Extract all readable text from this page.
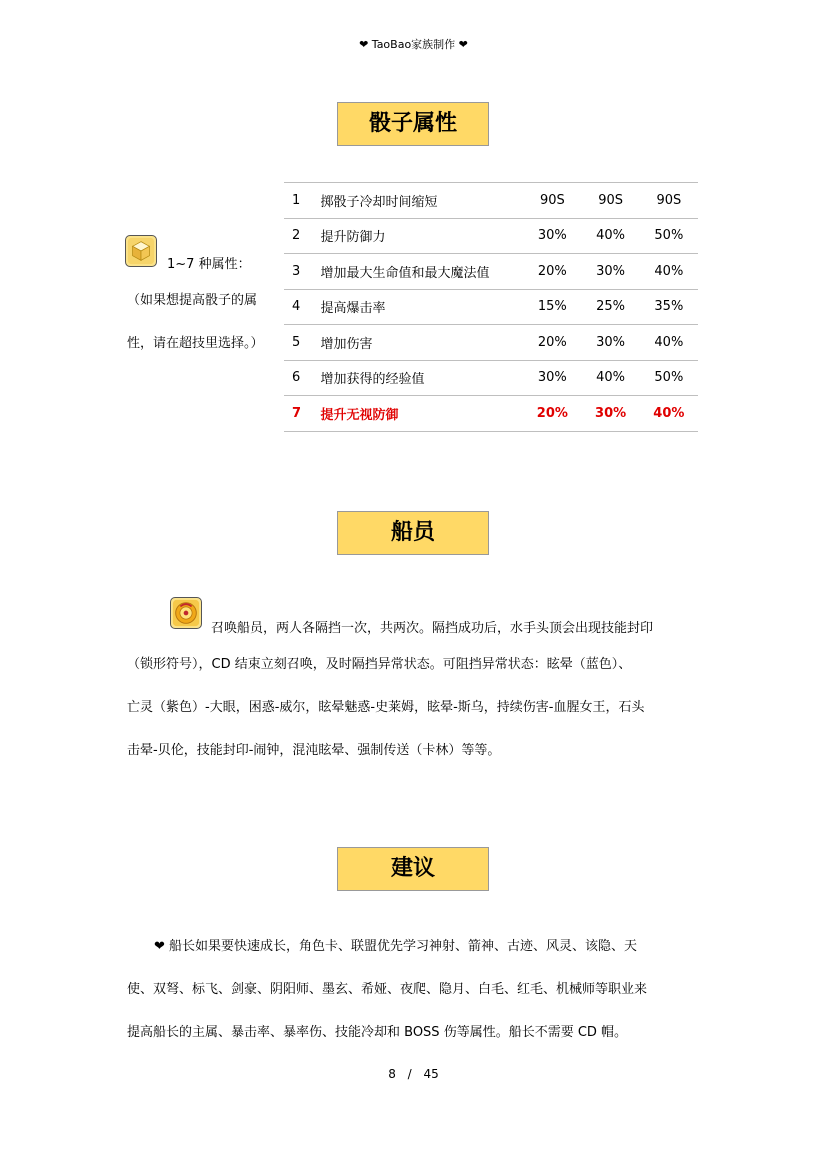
❤ TaoBao家族制作 ❤
骰子属性
1~7 种属性：
（如果想提高骰子的属
性，请在超技里选择。）
1	掷骰子冷却时间缩短	90S	90S	90S
2	提升防御力	30%	40%	50%
3	增加最大生命值和最大魔法值	20%	30%	40%
4	提高爆击率	15%	25%	35%
5	增加伤害	20%	30%	40%
6	增加获得的经验值	30%	40%	50%
7	提升无视防御	20%	30%	40%
船员
召唤船员，两人各隔挡一次，共两次。隔挡成功后，水手头顶会出现技能封印
（锁形符号），CD 结束立刻召唤，及时隔挡异常状态。可阻挡异常状态：眩晕（蓝色）、
亡灵（紫色）-大眼，困惑-威尔，眩晕魅惑-史莱姆，眩晕-斯乌，持续伤害-血腥女王，石头
击晕-贝伦，技能封印-闹钟，混沌眩晕、强制传送（卡林）等等。
建议
❤ 船长如果要快速成长，角色卡、联盟优先学习神射、箭神、古迹、风灵、该隐、天
使、双弩、标飞、剑豪、阴阳师、墨玄、希娅、夜爬、隐月、白毛、红毛、机械师等职业来
提高船长的主属、暴击率、暴率伤、技能冷却和 BOSS 伤等属性。船长不需要 CD 帽。
8 / 45
